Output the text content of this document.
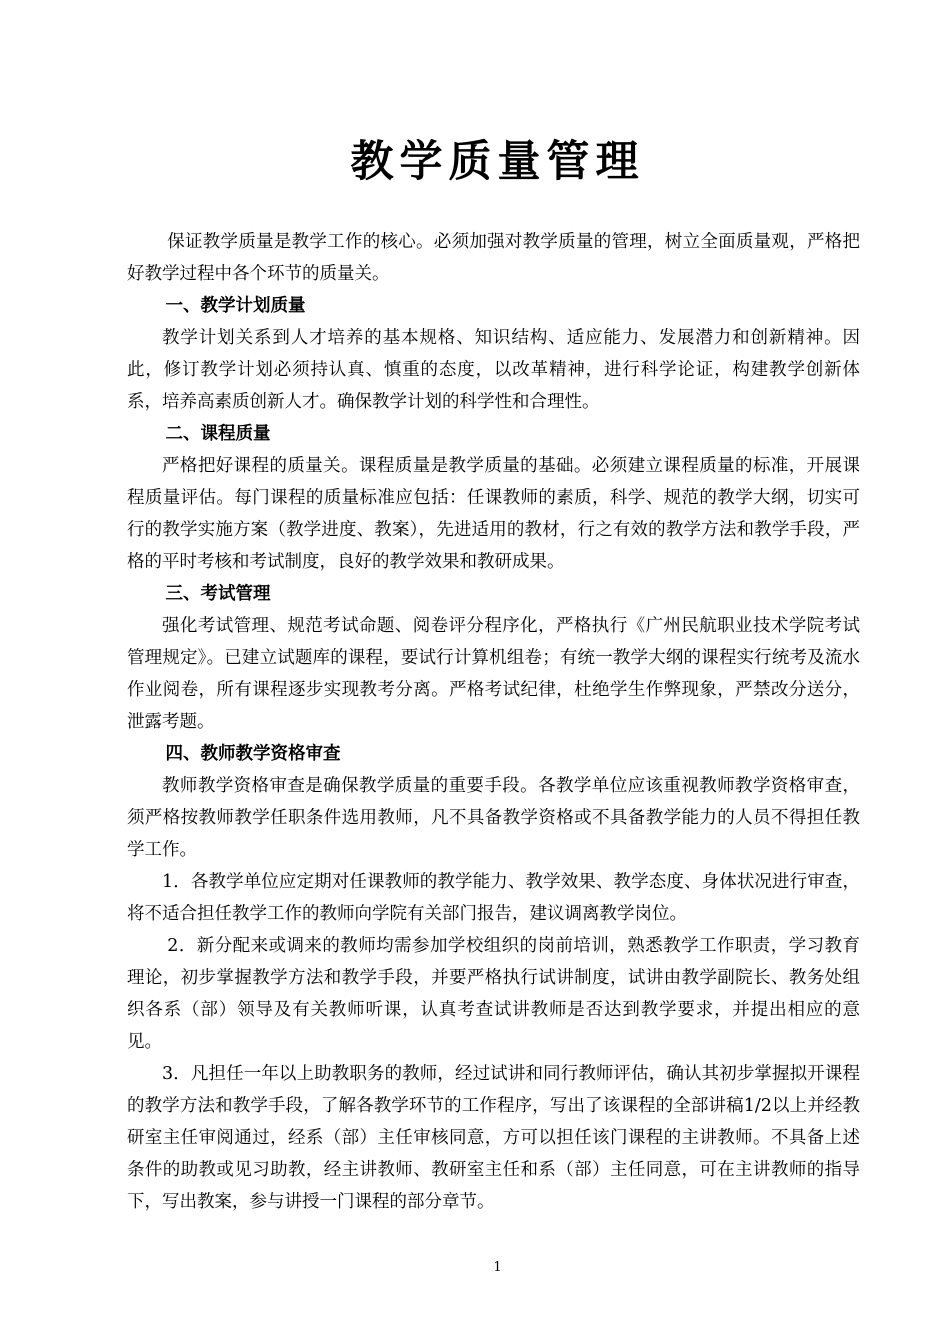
教学质量管理

保证教学质量是教学工作的核心。必须加强对教学质量的管理，树立全面质量观，严格把好教学过程中各个环节的质量关。

一、教学计划质量

教学计划关系到人才培养的基本规格、知识结构、适应能力、发展潜力和创新精神。因此，修订教学计划必须持认真、慎重的态度，以改革精神，进行科学论证，构建教学创新体系，培养高素质创新人才。确保教学计划的科学性和合理性。

二、课程质量

严格把好课程的质量关。课程质量是教学质量的基础。必须建立课程质量的标准，开展课程质量评估。每门课程的质量标准应包括：任课教师的素质，科学、规范的教学大纲，切实可行的教学实施方案（教学进度、教案），先进适用的教材，行之有效的教学方法和教学手段，严格的平时考核和考试制度，良好的教学效果和教研成果。

三、考试管理

强化考试管理、规范考试命题、阅卷评分程序化，严格执行《广州民航职业技术学院考试管理规定》。已建立试题库的课程，要试行计算机组卷；有统一教学大纲的课程实行统考及流水作业阅卷，所有课程逐步实现教考分离。严格考试纪律，杜绝学生作弊现象，严禁改分送分，泄露考题。

四、教师教学资格审查

教师教学资格审查是确保教学质量的重要手段。各教学单位应该重视教师教学资格审查，须严格按教师教学任职条件选用教师，凡不具备教学资格或不具备教学能力的人员不得担任教学工作。

1．各教学单位应定期对任课教师的教学能力、教学效果、教学态度、身体状况进行审查，将不适合担任教学工作的教师向学院有关部门报告，建议调离教学岗位。

2．新分配来或调来的教师均需参加学校组织的岗前培训，熟悉教学工作职责，学习教育理论，初步掌握教学方法和教学手段，并要严格执行试讲制度，试讲由教学副院长、教务处组织各系（部）领导及有关教师听课，认真考查试讲教师是否达到教学要求，并提出相应的意见。

3．凡担任一年以上助教职务的教师，经过试讲和同行教师评估，确认其初步掌握拟开课程的教学方法和教学手段，了解各教学环节的工作程序，写出了该课程的全部讲稿1/2以上并经教研室主任审阅通过，经系（部）主任审核同意，方可以担任该门课程的主讲教师。不具备上述条件的助教或见习助教，经主讲教师、教研室主任和系（部）主任同意，可在主讲教师的指导下，写出教案，参与讲授一门课程的部分章节。

1
